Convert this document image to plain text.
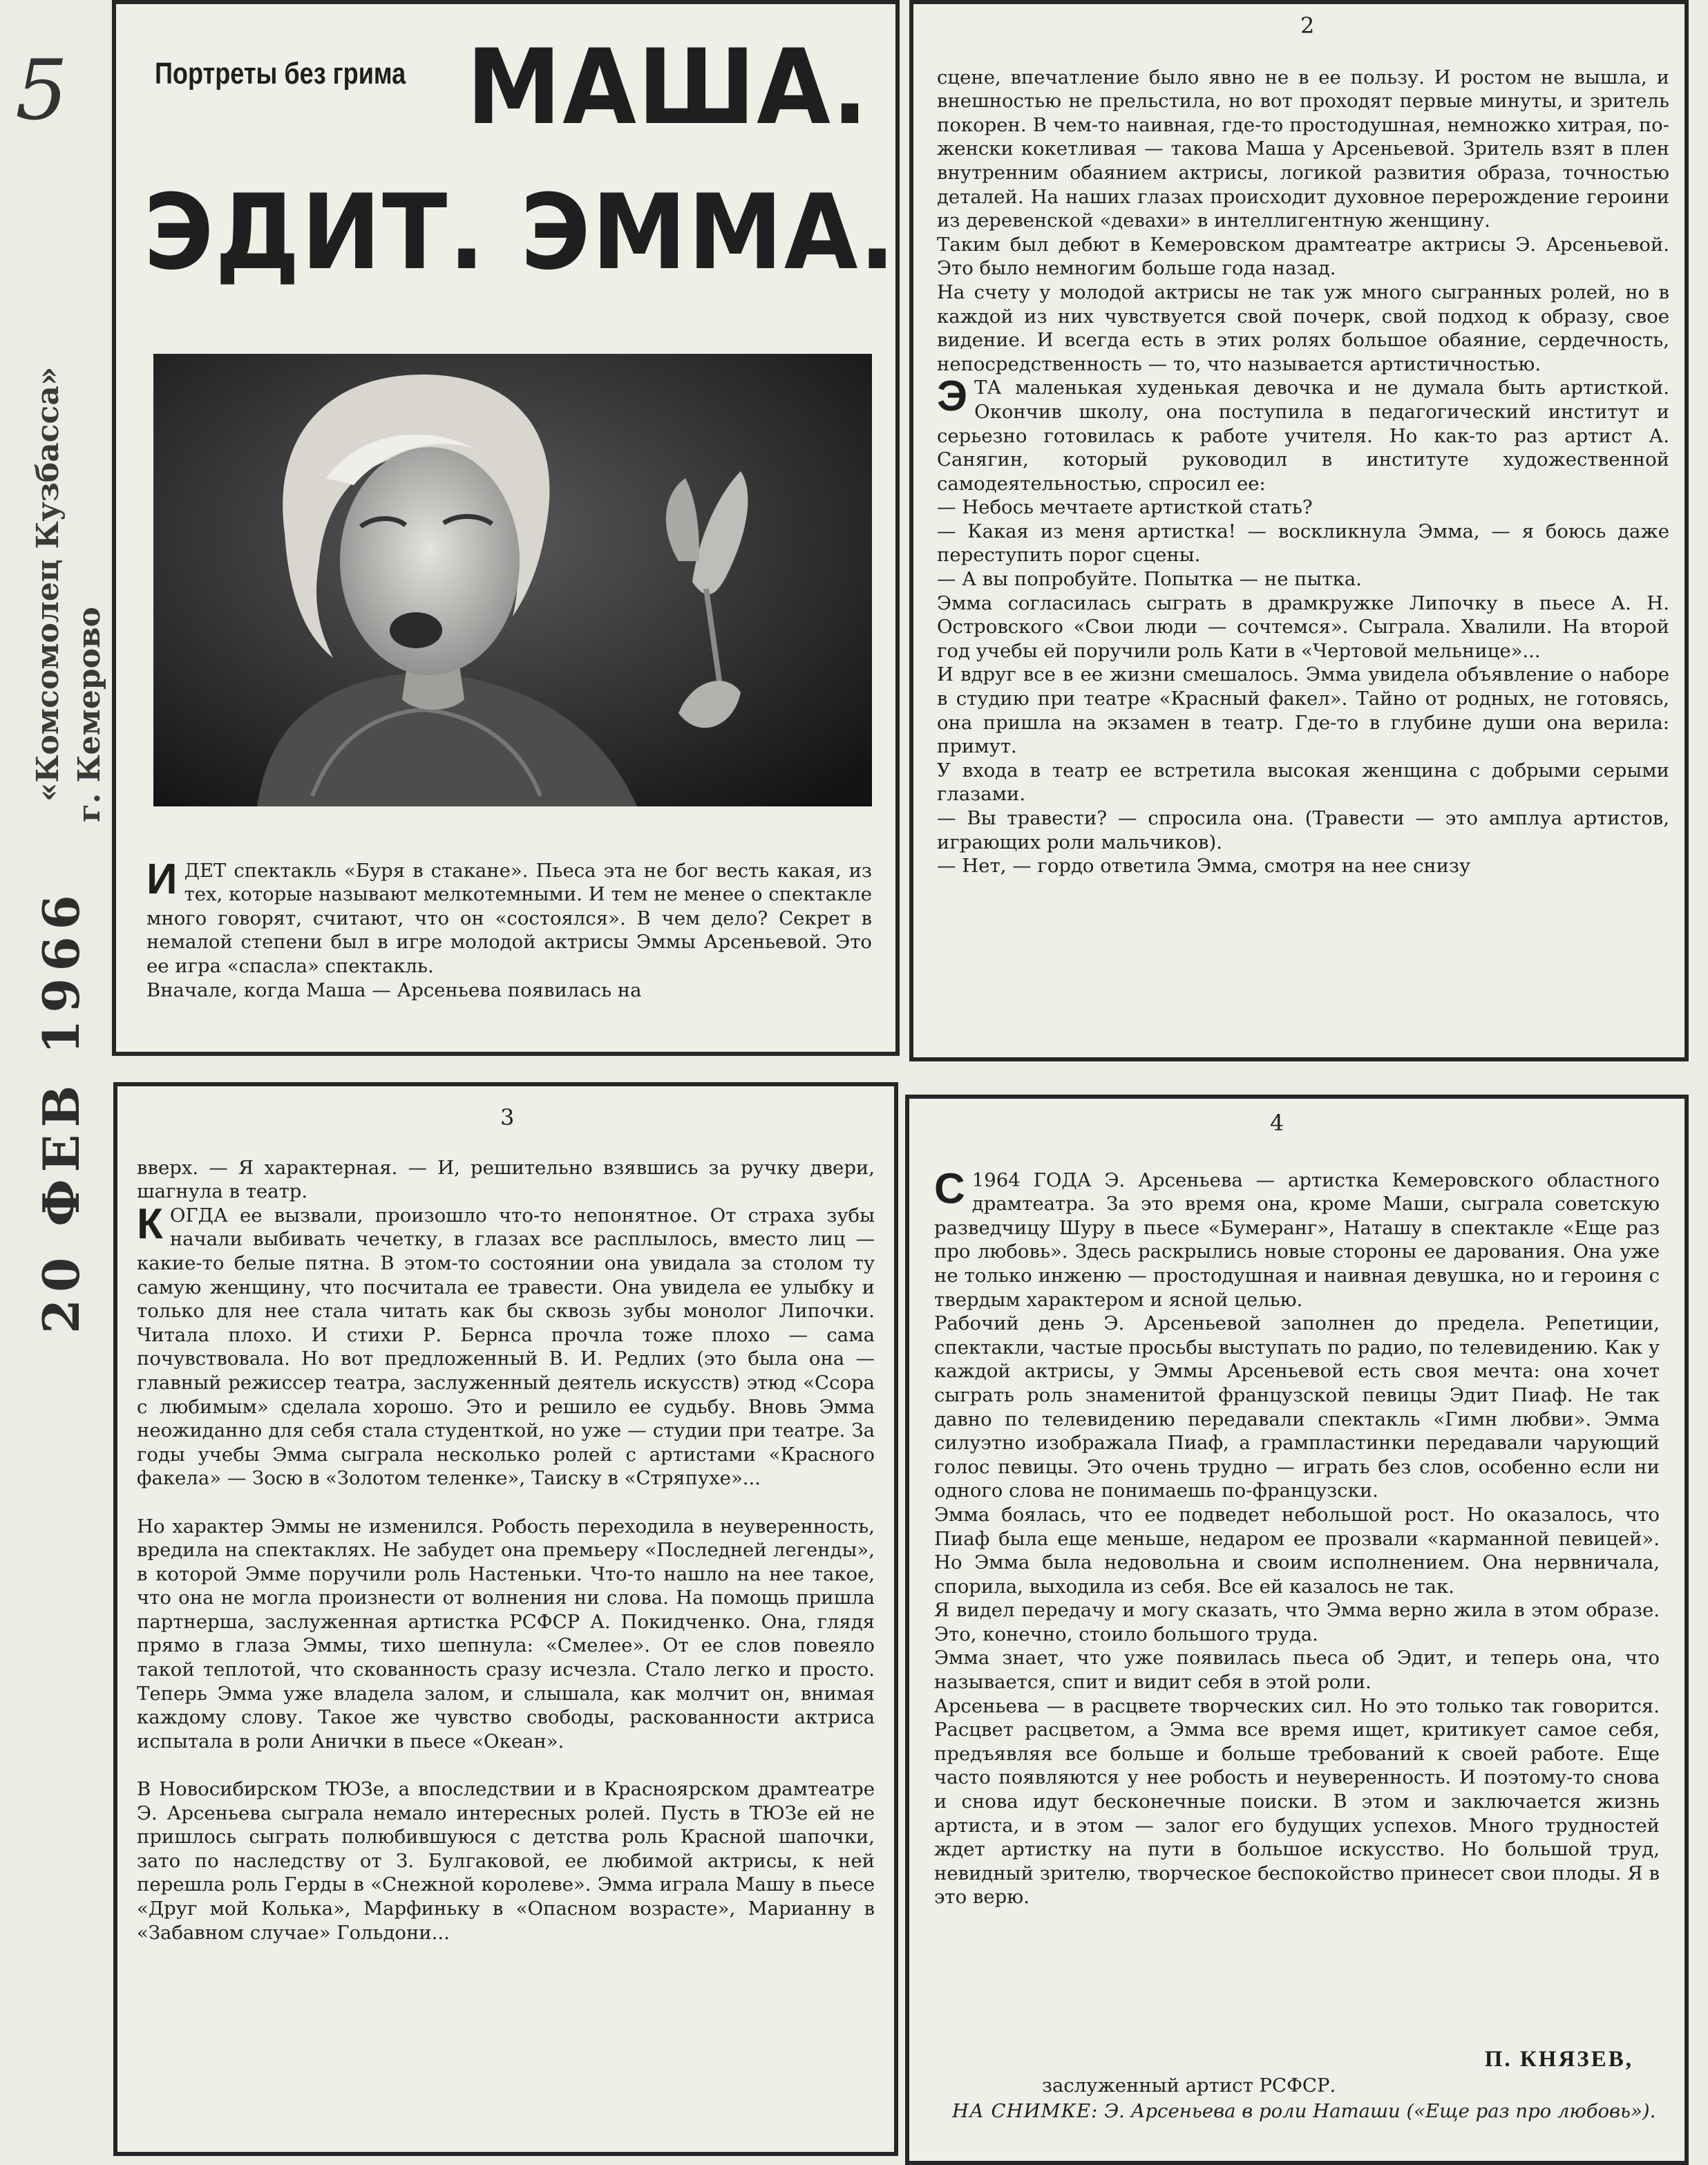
5
«Комсомолец Кузбасса» г. Кемерово
20 ФЕВ 1966
Портреты без грима МАША.
ЭДИТ. ЭММА.

ИДЕТ спектакль «Буря в стакане». Пьеса эта не бог весть какая, из тех, которые называют мелкотемными. И тем не менее о спектакле много говорят, считают, что он «состоялся». В чем дело? Секрет в немалой степени был в игре молодой актрисы Эммы Арсеньевой. Это ее игра «спасла» спектакль.
Вначале, когда Маша — Арсеньева появилась на

2

сцене, впечатление было явно не в ее пользу. И ростом не вышла, и внешностью не прельстила, но вот проходят первые минуты, и зритель покорен. В чем-то наивная, где-то простодушная, немножко хитрая, по-женски кокетливая — такова Маша у Арсеньевой. Зритель взят в плен внутренним обаянием актрисы, логикой развития образа, точностью деталей. На наших глазах происходит духовное перерождение героини из деревенской «девахи» в интеллигентную женщину.
Таким был дебют в Кемеровском драмтеатре актрисы Э. Арсеньевой. Это было немногим больше года назад.
На счету у молодой актрисы не так уж много сыгранных ролей, но в каждой из них чувствуется свой почерк, свой подход к образу, свое видение. И всегда есть в этих ролях большое обаяние, сердечность, непосредственность — то, что называется артистичностью.

Э ТА маленькая худенькая девочка и не думала быть артисткой. Окончив школу, она поступила в педагогический институт и серьезно готовилась к работе учителя. Но как-то раз артист А. Санягин, который руководил в институте художественной самодеятельностью, спросил ее:
— Небось мечтаете артисткой стать?
— Какая из меня артистка! — воскликнула Эмма, — я боюсь даже переступить порог сцены.
— А вы попробуйте. Попытка — не пытка.
Эмма согласилась сыграть в драмкружке Липочку в пьесе А. Н. Островского «Свои люди — сочтемся». Сыграла. Хвалили. На второй год учебы ей поручили роль Кати в «Чертовой мельнице»...
И вдруг все в ее жизни смешалось. Эмма увидела объявление о наборе в студию при театре «Красный факел». Тайно от родных, не готовясь, она пришла на экзамен в театр. Где-то в глубине души она верила: примут.
У входа в театр ее встретила высокая женщина с добрыми серыми глазами.
— Вы травести? — спросила она. (Травести — это амплуа артистов, играющих роли мальчиков).
— Нет, — гордо ответила Эмма, смотря на нее снизу

3

вверх. — Я характерная. — И, решительно взявшись за ручку двери, шагнула в театр.

К ОГДА ее вызвали, произошло что-то непонятное. От страха зубы начали выбивать чечетку, в глазах все расплылось, вместо лиц — какие-то белые пятна. В этом-то состоянии она увидала за столом ту самую женщину, что посчитала ее травести. Она увидела ее улыбку и только для нее стала читать как бы сквозь зубы монолог Липочки. Читала плохо. И стихи Р. Бернса прочла тоже плохо — сама почувствовала. Но вот предложенный В. И. Редлих (это была она — главный режиссер театра, заслуженный деятель искусств) этюд «Ссора с любимым» сделала хорошо. Это и решило ее судьбу. Вновь Эмма неожиданно для себя стала студенткой, но уже — студии при театре. За годы учебы Эмма сыграла несколько ролей с артистами «Красного факела» — Зосю в «Золотом теленке», Таиску в «Стряпухе»...

Но характер Эммы не изменился. Робость переходила в неуверенность, вредила на спектаклях. Не забудет она премьеру «Последней легенды», в которой Эмме поручили роль Настеньки. Что-то нашло на нее такое, что она не могла произнести от волнения ни слова. На помощь пришла партнерша, заслуженная артистка РСФСР А. Покидченко. Она, глядя прямо в глаза Эммы, тихо шепнула: «Смелее». От ее слов повеяло такой теплотой, что скованность сразу исчезла. Стало легко и просто. Теперь Эмма уже владела залом, и слышала, как молчит он, внимая каждому слову. Такое же чувство свободы, раскованности актриса испытала в роли Анички в пьесе «Океан».

В Новосибирском ТЮЗе, а впоследствии и в Красноярском драмтеатре Э. Арсеньева сыграла немало интересных ролей. Пусть в ТЮЗе ей не пришлось сыграть полюбившуюся с детства роль Красной шапочки, зато по наследству от З. Булгаковой, ее любимой актрисы, к ней перешла роль Герды в «Снежной королеве». Эмма играла Машу в пьесе «Друг мой Колька», Марфиньку в «Опасном возрасте», Марианну в «Забавном случае» Гольдони...

4

С 1964 ГОДА Э. Арсеньева — артистка Кемеровского областного драмтеатра. За это время она, кроме Маши, сыграла советскую разведчицу Шуру в пьесе «Бумеранг», Наташу в спектакле «Еще раз про любовь». Здесь раскрылись новые стороны ее дарования. Она уже не только инженю — простодушная и наивная девушка, но и героиня с твердым характером и ясной целью.
Рабочий день Э. Арсеньевой заполнен до предела. Репетиции, спектакли, частые просьбы выступать по радио, по телевидению. Как у каждой актрисы, у Эммы Арсеньевой есть своя мечта: она хочет сыграть роль знаменитой французской певицы Эдит Пиаф. Не так давно по телевидению передавали спектакль «Гимн любви». Эмма силуэтно изображала Пиаф, а грампластинки передавали чарующий голос певицы. Это очень трудно — играть без слов, особенно если ни одного слова не понимаешь по-французски.
Эмма боялась, что ее подведет небольшой рост. Но оказалось, что Пиаф была еще меньше, недаром ее прозвали «карманной певицей». Но Эмма была недовольна и своим исполнением. Она нервничала, спорила, выходила из себя. Все ей казалось не так.
Я видел передачу и могу сказать, что Эмма верно жила в этом образе. Это, конечно, стоило большого труда.
Эмма знает, что уже появилась пьеса об Эдит, и теперь она, что называется, спит и видит себя в этой роли.
Арсеньева — в расцвете творческих сил. Но это только так говорится. Расцвет расцветом, а Эмма все время ищет, критикует самое себя, предъявляя все больше и больше требований к своей работе. Еще часто появляются у нее робость и неуверенность. И поэтому-то снова и снова идут бесконечные поиски. В этом и заключается жизнь артиста, и в этом — залог его будущих успехов. Много трудностей ждет артистку на пути в большое искусство. Но большой труд, невидный зрителю, творческое беспокойство принесет свои плоды. Я в это верю.

П. КНЯЗЕВ,
заслуженный артист РСФСР.
НА СНИМКЕ: Э. Арсеньева в роли Наташи («Еще раз про любовь»).
